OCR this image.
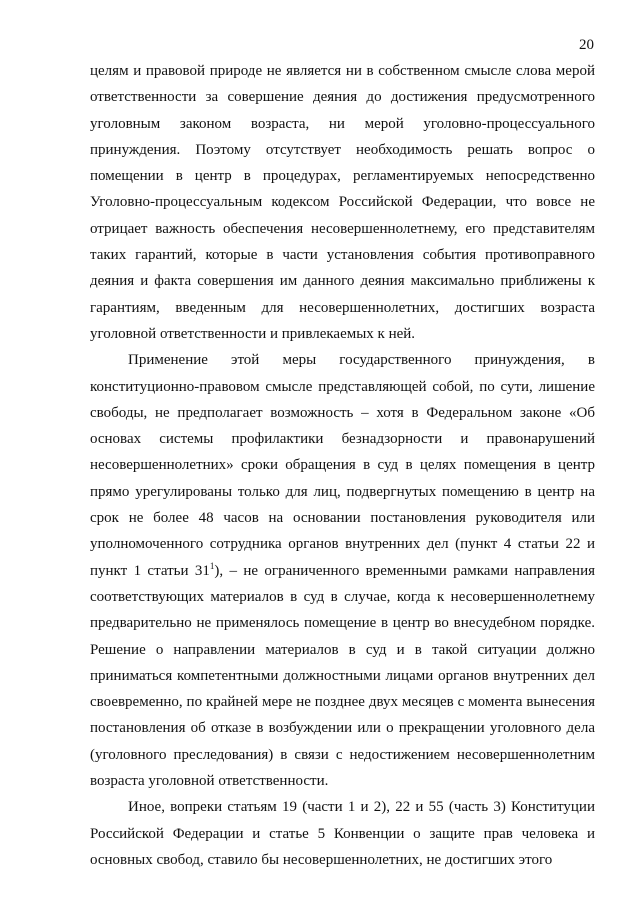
20

целям и правовой природе не является ни в собственном смысле слова мерой ответственности за совершение деяния до достижения предусмотренного уголовным законом возраста, ни мерой уголовно-процессуального принуждения. Поэтому отсутствует необходимость решать вопрос о помещении в центр в процедурах, регламентируемых непосредственно Уголовно-процессуальным кодексом Российской Федерации, что вовсе не отрицает важность обеспечения несовершеннолетнему, его представителям таких гарантий, которые в части установления события противоправного деяния и факта совершения им данного деяния максимально приближены к гарантиям, введенным для несовершеннолетних, достигших возраста уголовной ответственности и привлекаемых к ней.

Применение этой меры государственного принуждения, в конституционно-правовом смысле представляющей собой, по сути, лишение свободы, не предполагает возможность – хотя в Федеральном законе «Об основах системы профилактики безнадзорности и правонарушений несовершеннолетних» сроки обращения в суд в целях помещения в центр прямо урегулированы только для лиц, подвергнутых помещению в центр на срок не более 48 часов на основании постановления руководителя или уполномоченного сотрудника органов внутренних дел (пункт 4 статьи 22 и пункт 1 статьи $31^1$), – не ограниченного временными рамками направления соответствующих материалов в суд в случае, когда к несовершеннолетнему предварительно не применялось помещение в центр во внесудебном порядке. Решение о направлении материалов в суд и в такой ситуации должно приниматься компетентными должностными лицами органов внутренних дел своевременно, по крайней мере не позднее двух месяцев с момента вынесения постановления об отказе в возбуждении или о прекращении уголовного дела (уголовного преследования) в связи с недостижением несовершеннолетним возраста уголовной ответственности.

Иное, вопреки статьям 19 (части 1 и 2), 22 и 55 (часть 3) Конституции Российской Федерации и статье 5 Конвенции о защите прав человека и основных свобод, ставило бы несовершеннолетних, не достигших этого
